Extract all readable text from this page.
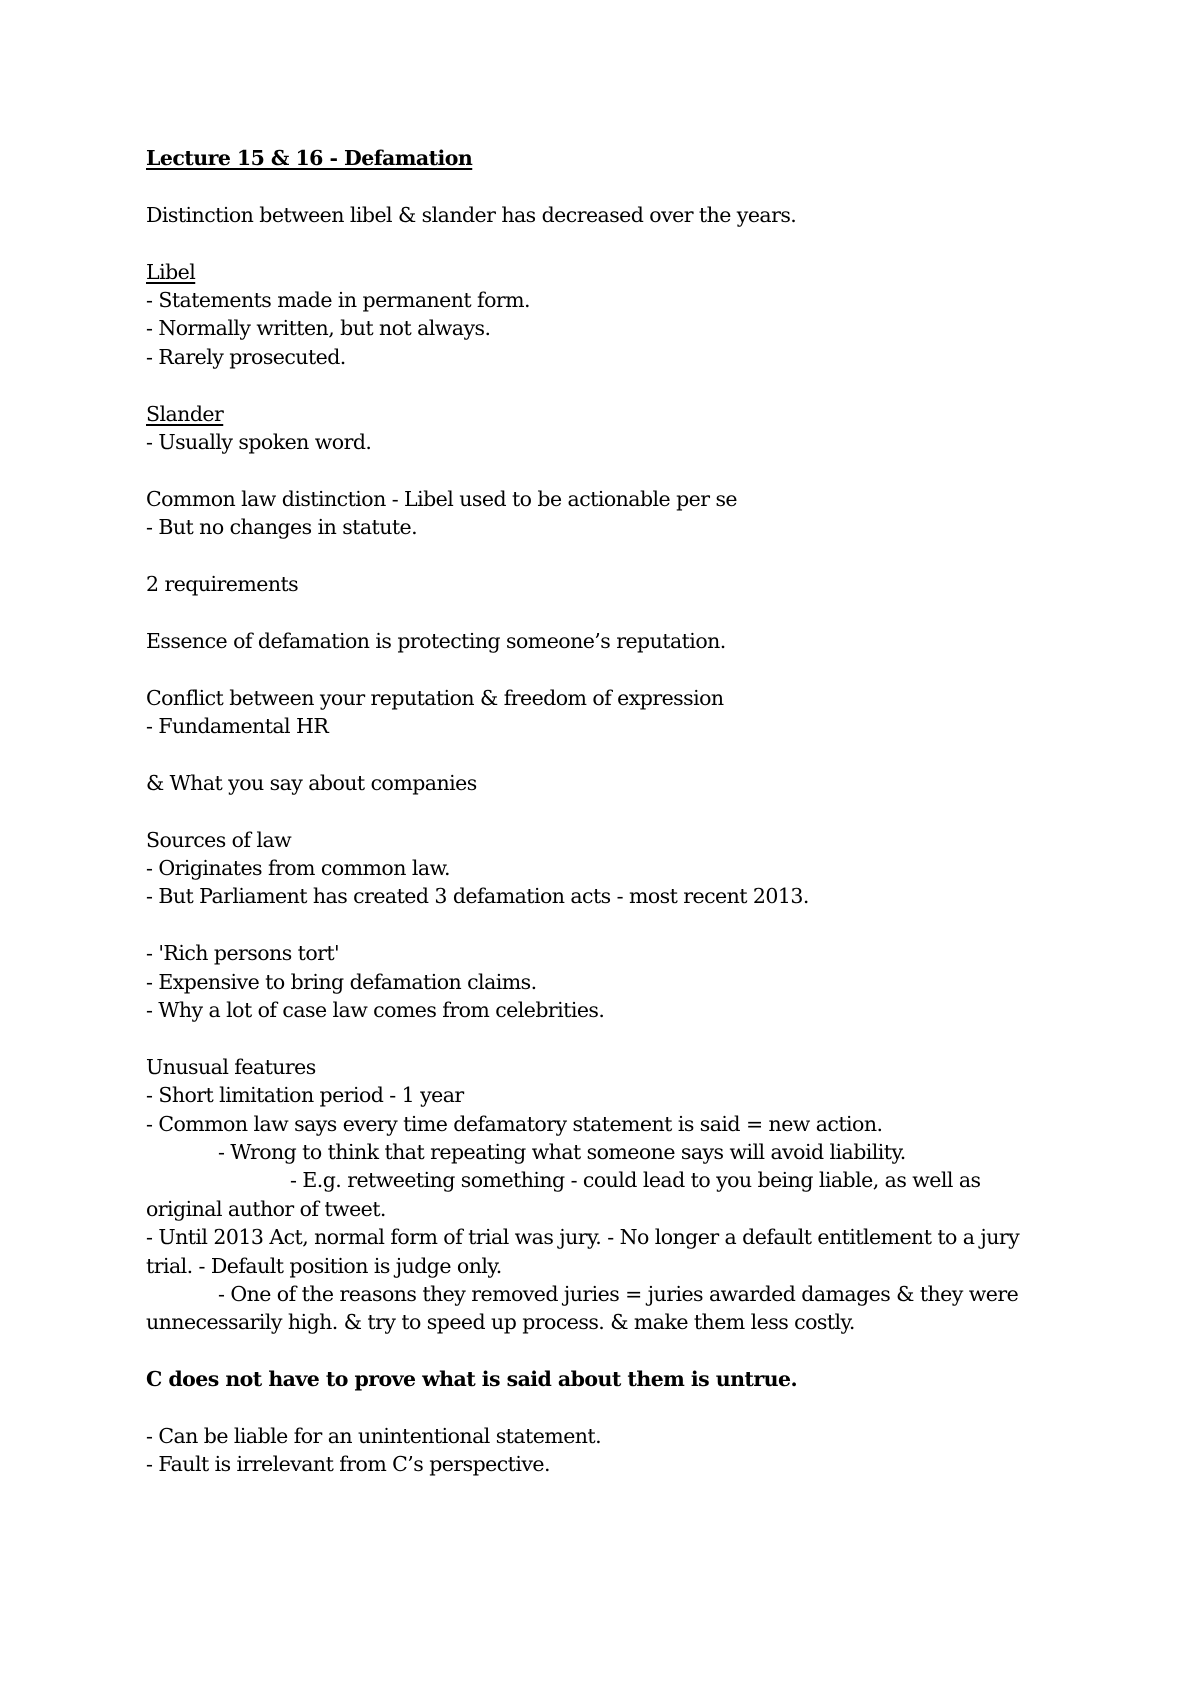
Lecture 15 & 16 - Defamation

Distinction between libel & slander has decreased over the years.

Libel

- Statements made in permanent form.

- Normally written, but not always.

- Rarely prosecuted.

Slander

- Usually spoken word.

Common law distinction - Libel used to be actionable per se

- But no changes in statute.

2 requirements

Essence of defamation is protecting someone’s reputation.

Conflict between your reputation & freedom of expression

- Fundamental HR

& What you say about companies

Sources of law

- Originates from common law.

- But Parliament has created 3 defamation acts - most recent 2013.

- 'Rich persons tort'

- Expensive to bring defamation claims.

- Why a lot of case law comes from celebrities.

Unusual features

- Short limitation period - 1 year

- Common law says every time defamatory statement is said = new action.

- Wrong to think that repeating what someone says will avoid liability.

- E.g. retweeting something - could lead to you being liable, as well as

original author of tweet.

- Until 2013 Act, normal form of trial was jury. - No longer a default entitlement to a jury

trial. - Default position is judge only.

- One of the reasons they removed juries = juries awarded damages & they were

unnecessarily high. & try to speed up process. & make them less costly.

C does not have to prove what is said about them is untrue.

- Can be liable for an unintentional statement.

- Fault is irrelevant from C’s perspective.
